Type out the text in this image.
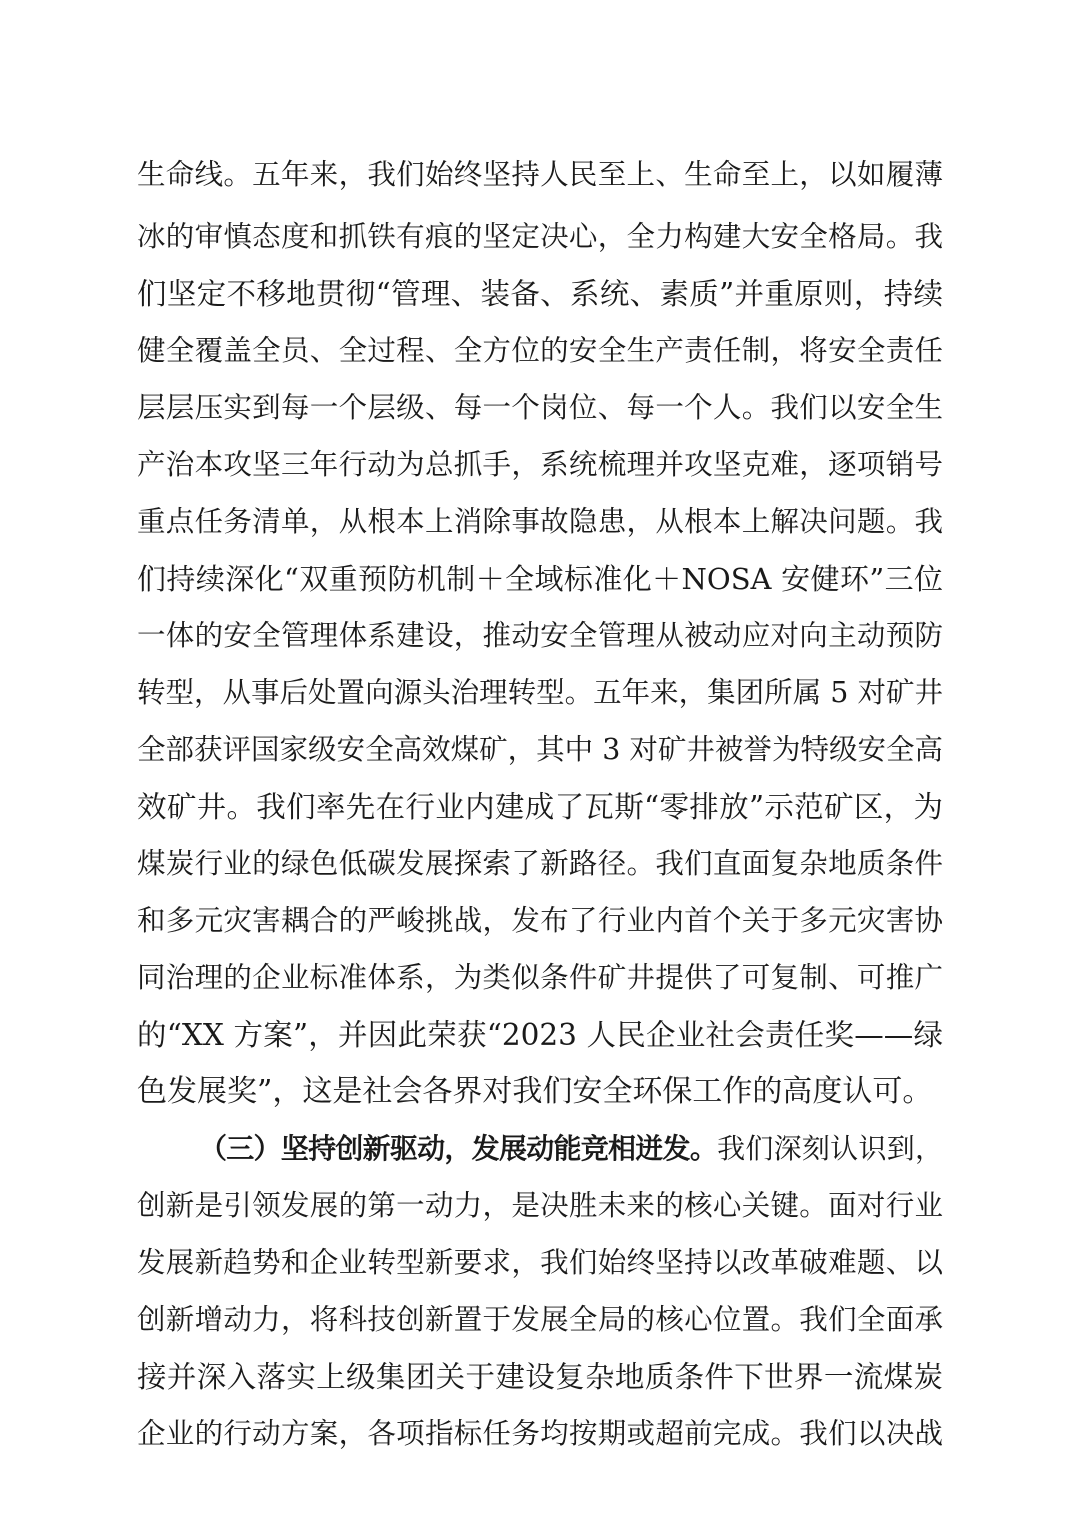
生命线。五年来，我们始终坚持人民至上、生命至上，以如履薄
冰的审慎态度和抓铁有痕的坚定决心，全力构建大安全格局。我
们坚定不移地贯彻“管理、装备、系统、素质”并重原则，持续
健全覆盖全员、全过程、全方位的安全生产责任制，将安全责任
层层压实到每一个层级、每一个岗位、每一个人。我们以安全生
产治本攻坚三年行动为总抓手，系统梳理并攻坚克难，逐项销号
重点任务清单，从根本上消除事故隐患，从根本上解决问题。我
们持续深化“双重预防机制＋全域标准化＋NOSA 安健环”三位
一体的安全管理体系建设，推动安全管理从被动应对向主动预防
转型，从事后处置向源头治理转型。五年来，集团所属 5 对矿井
全部获评国家级安全高效煤矿，其中 3 对矿井被誉为特级安全高
效矿井。我们率先在行业内建成了瓦斯“零排放”示范矿区，为
煤炭行业的绿色低碳发展探索了新路径。我们直面复杂地质条件
和多元灾害耦合的严峻挑战，发布了行业内首个关于多元灾害协
同治理的企业标准体系，为类似条件矿井提供了可复制、可推广
的“XX 方案”，并因此荣获“2023 人民企业社会责任奖——绿
色发展奖”，这是社会各界对我们安全环保工作的高度认可。
（三）坚持创新驱动，发展动能竞相迸发。我们深刻认识到，
创新是引领发展的第一动力，是决胜未来的核心关键。面对行业
发展新趋势和企业转型新要求，我们始终坚持以改革破难题、以
创新增动力，将科技创新置于发展全局的核心位置。我们全面承
接并深入落实上级集团关于建设复杂地质条件下世界一流煤炭
企业的行动方案，各项指标任务均按期或超前完成。我们以决战
